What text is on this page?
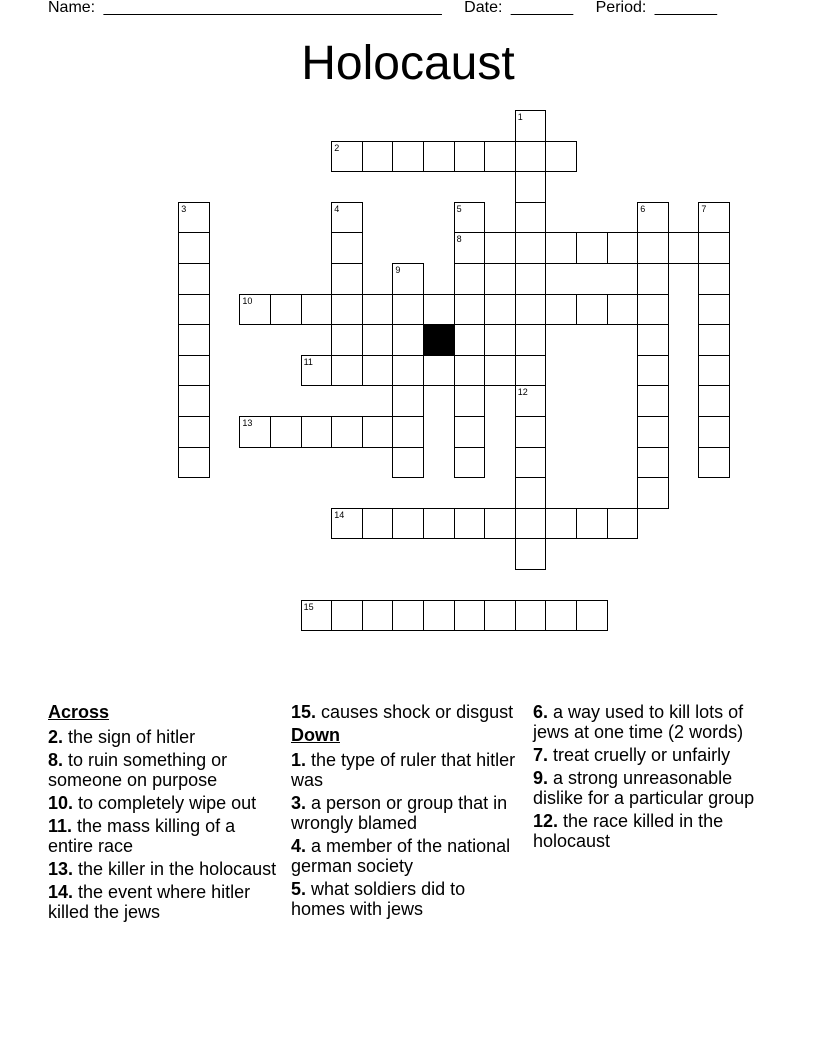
Name: ______________________________________ Date: _______ Period: _______
Holocaust
2
8
10
11
13
14
15
1
12
3	4	5	6	7
9
Across
2. the sign of hitler
8. to ruin something or someone on purpose
10. to completely wipe out
11. the mass killing of a entire race
13. the killer in the holocaust
14. the event where hitler killed the jews
15. causes shock or disgust
Down
1. the type of ruler that hitler was
3. a person or group that in wrongly blamed
4. a member of the national german society
5. what soldiers did to homes with jews
6. a way used to kill lots of jews at one time (2 words)
7. treat cruelly or unfairly
9. a strong unreasonable dislike for a particular group
12. the race killed in the holocaust
